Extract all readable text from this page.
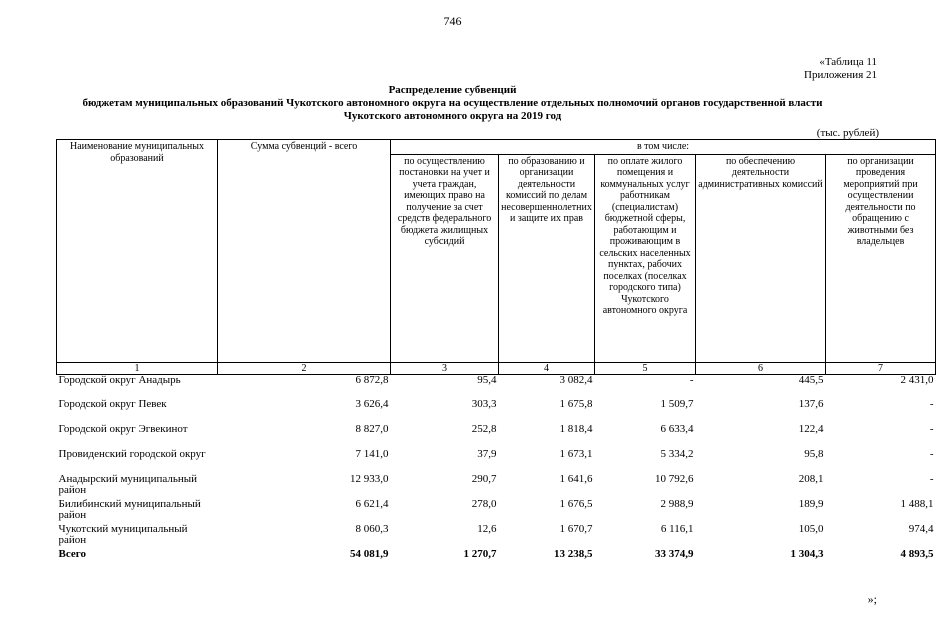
746
«Таблица 11
Приложения 21
Распределение субвенций
бюджетам муниципальных образований Чукотского автономного округа на осуществление отдельных полномочий органов государственной власти
Чукотского автономного округа на 2019 год
(тыс. рублей)
Наименование муниципальных образований	Сумма субвенций - всего	в том числе:				
		по осуществлению постановки на учет и учета граждан, имеющих право на получение за счет средств федерального бюджета жилищных субсидий	по образованию и организации деятельности комиссий по делам несовершеннолетних и защите их прав	по оплате жилого помещения и коммунальных услуг работникам (специалистам) бюджетной сферы, работающим и проживающим в сельских населенных пунктах, рабочих поселках (поселках городского типа) Чукотского автономного округа	по обеспечению деятельности административных комиссий	по организации проведения мероприятий при осуществлении деятельности по обращению с животными без владельцев
1	2	3	4	5	6	7
Городской округ Анадырь	6 872,8	95,4	3 082,4	-	445,5	2 431,0
Городской округ Певек	3 626,4	303,3	1 675,8	1 509,7	137,6	-
Городской округ Эгвекинот	8 827,0	252,8	1 818,4	6 633,4	122,4	-
Провиденский городской округ	7 141,0	37,9	1 673,1	5 334,2	95,8	-
Анадырский муниципальный район	12 933,0	290,7	1 641,6	10 792,6	208,1	-
Билибинский муниципальный район	6 621,4	278,0	1 676,5	2 988,9	189,9	1 488,1
Чукотский муниципальный район	8 060,3	12,6	1 670,7	6 116,1	105,0	974,4
Всего	54 081,9	1 270,7	13 238,5	33 374,9	1 304,3	4 893,5
»;
